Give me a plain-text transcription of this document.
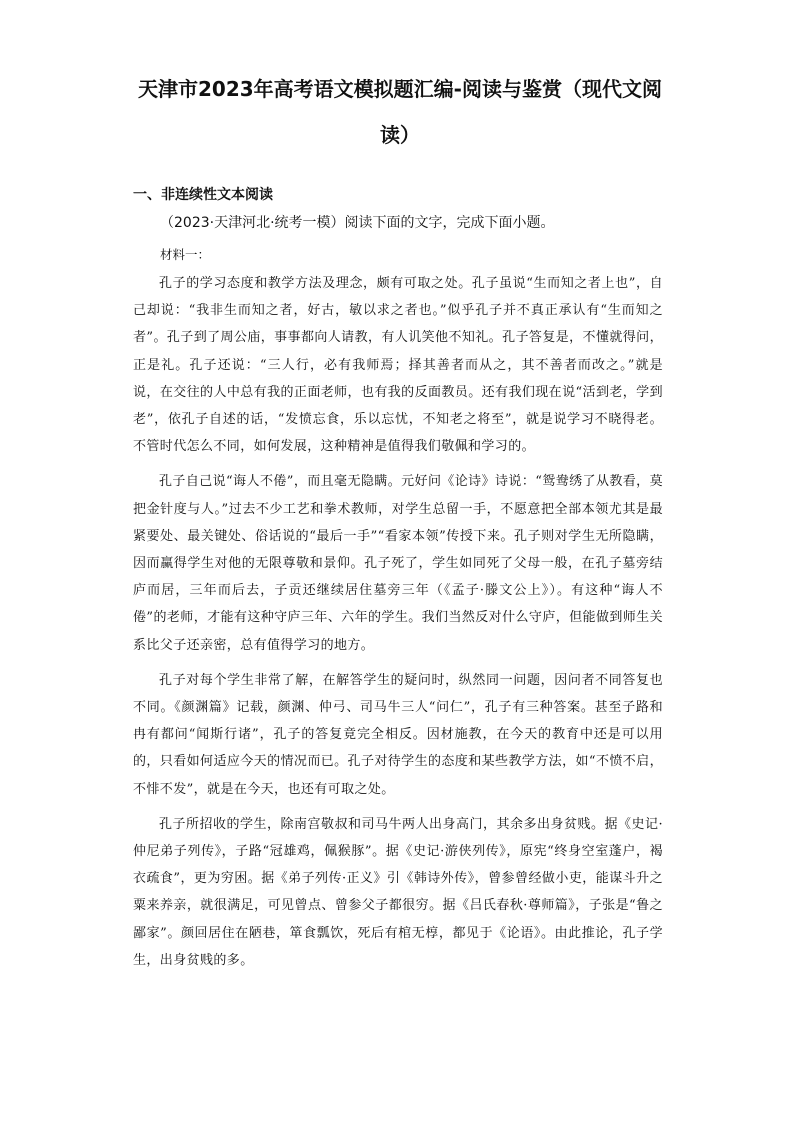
天津市2023年高考语文模拟题汇编-阅读与鉴赏（现代文阅读）
一、非连续性文本阅读

（2023·天津河北·统考一模）阅读下面的文字，完成下面小题。

材料一：

孔子的学习态度和教学方法及理念，颇有可取之处。孔子虽说“生而知之者上也”，自己却说：“我非生而知之者，好古，敏以求之者也。”似乎孔子并不真正承认有“生而知之者”。孔子到了周公庙，事事都向人请教，有人讥笑他不知礼。孔子答复是，不懂就得问，正是礼。孔子还说：“三人行，必有我师焉；择其善者而从之，其不善者而改之。”就是说，在交往的人中总有我的正面老师，也有我的反面教员。还有我们现在说“活到老，学到老”，依孔子自述的话，“发愤忘食，乐以忘忧，不知老之将至”，就是说学习不晓得老。不管时代怎么不同，如何发展，这种精神是值得我们敬佩和学习的。

孔子自己说“诲人不倦”，而且毫无隐瞒。元好问《论诗》诗说：“鸳鸯绣了从教看，莫把金针度与人。”过去不少工艺和拳术教师，对学生总留一手，不愿意把全部本领尤其是最紧要处、最关键处、俗话说的“最后一手”“看家本领”传授下来。孔子则对学生无所隐瞒，因而赢得学生对他的无限尊敬和景仰。孔子死了，学生如同死了父母一般，在孔子墓旁结庐而居，三年而后去，子贡还继续居住墓旁三年（《孟子·滕文公上》）。有这种“诲人不倦”的老师，才能有这种守庐三年、六年的学生。我们当然反对什么守庐，但能做到师生关系比父子还亲密，总有值得学习的地方。

孔子对每个学生非常了解，在解答学生的疑问时，纵然同一问题，因问者不同答复也不同。《颜渊篇》记载，颜渊、仲弓、司马牛三人“问仁”，孔子有三种答案。甚至子路和冉有都问“闻斯行诸”，孔子的答复竟完全相反。因材施教，在今天的教育中还是可以用的，只看如何适应今天的情况而已。孔子对待学生的态度和某些教学方法，如“不愤不启，不悱不发”，就是在今天，也还有可取之处。

孔子所招收的学生，除南宫敬叔和司马牛两人出身高门，其余多出身贫贱。据《史记·仲尼弟子列传》，子路“冠雄鸡，佩猴豚”。据《史记·游侠列传》，原宪“终身空室蓬户，褐衣疏食”，更为穷困。据《弟子列传·正义》引《韩诗外传》，曾参曾经做小吏，能谋斗升之粟来养亲，就很满足，可见曾点、曾参父子都很穷。据《吕氏春秋·尊师篇》，子张是“鲁之鄙家”。颜回居住在陋巷，箪食瓢饮，死后有棺无椁，都见于《论语》。由此推论，孔子学生，出身贫贱的多。
